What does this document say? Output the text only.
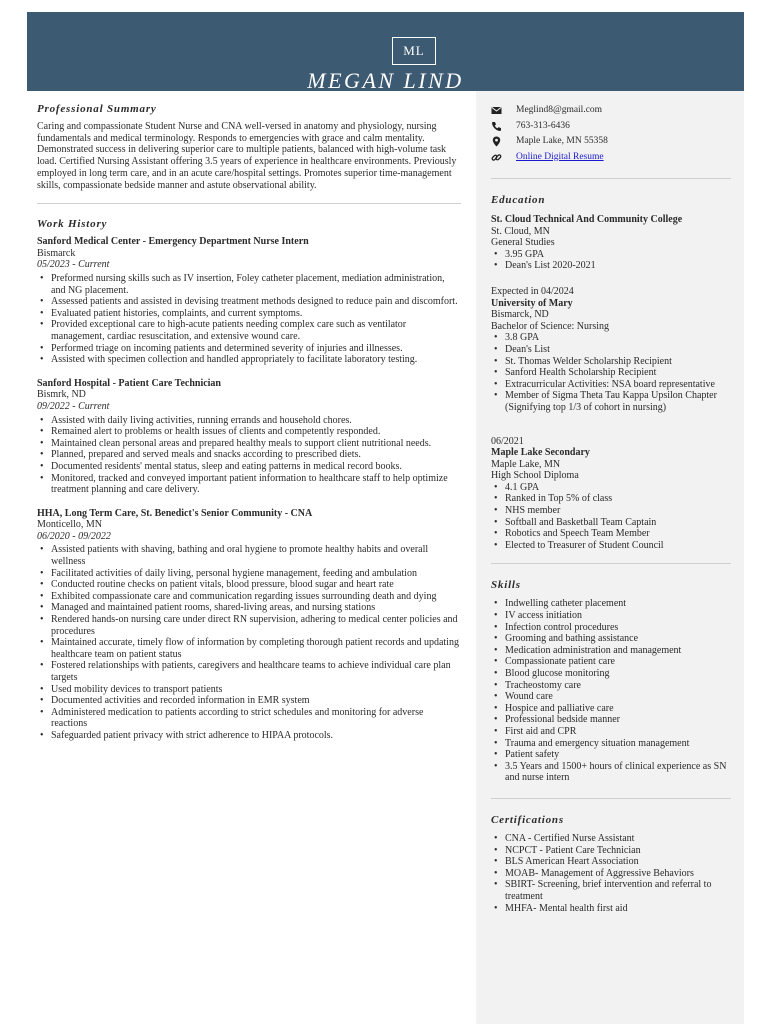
ML
MEGAN LIND
Professional Summary

Caring and compassionate Student Nurse and CNA well-versed in anatomy and physiology, nursing fundamentals and medical terminology. Responds to emergencies with grace and calm mentality. Demonstrated success in delivering superior care to multiple patients, balanced with high-volume task load. Certified Nursing Assistant offering 3.5 years of experience in healthcare environments. Previously employed in long term care, and in an acute care/hospital settings. Promotes superior time-management skills, compassionate bedside manner and astute observational ability.

Work History
Sanford Medical Center - Emergency Department Nurse Intern
Bismarck
05/2023 - Current
• Preformed nursing skills such as IV insertion, Foley catheter placement, mediation administration, and NG placement.
• Assessed patients and assisted in devising treatment methods designed to reduce pain and discomfort.
• Evaluated patient histories, complaints, and current symptoms.
• Provided exceptional care to high-acute patients needing complex care such as ventilator management, cardiac resuscitation, and extensive wound care.
• Performed triage on incoming patients and determined severity of injuries and illnesses.
• Assisted with specimen collection and handled appropriately to facilitate laboratory testing.
Sanford Hospital - Patient Care Technician
Bismrk, ND
09/2022 - Current
• Assisted with daily living activities, running errands and household chores.
• Remained alert to problems or health issues of clients and competently responded.
• Maintained clean personal areas and prepared healthy meals to support client nutritional needs.
• Planned, prepared and served meals and snacks according to prescribed diets.
• Documented residents' mental status, sleep and eating patterns in medical record books.
• Monitored, tracked and conveyed important patient information to healthcare staff to help optimize treatment planning and care delivery.
HHA, Long Term Care, St. Benedict's Senior Community - CNA
Monticello, MN
06/2020 - 09/2022
• Assisted patients with shaving, bathing and oral hygiene to promote healthy habits and overall wellness
• Facilitated activities of daily living, personal hygiene management, feeding and ambulation
• Conducted routine checks on patient vitals, blood pressure, blood sugar and heart rate
• Exhibited compassionate care and communication regarding issues surrounding death and dying
• Managed and maintained patient rooms, shared-living areas, and nursing stations
• Rendered hands-on nursing care under direct RN supervision, adhering to medical center policies and procedures
• Maintained accurate, timely flow of information by completing thorough patient records and updating healthcare team on patient status
• Fostered relationships with patients, caregivers and healthcare teams to achieve individual care plan targets
• Used mobility devices to transport patients
• Documented activities and recorded information in EMR system
• Administered medication to patients according to strict schedules and monitoring for adverse reactions
• Safeguarded patient privacy with strict adherence to HIPAA protocols.
Meglind8@gmail.com
763-313-6436
Maple Lake, MN 55358
Online Digital Resume
Education
St. Cloud Technical And Community College
St. Cloud, MN
General Studies
• 3.95 GPA
• Dean's List 2020-2021
Expected in 04/2024
University of Mary
Bismarck, ND
Bachelor of Science: Nursing
• 3.8 GPA
• Dean's List
• St. Thomas Welder Scholarship Recipient
• Sanford Health Scholarship Recipient
• Extracurricular Activities: NSA board representative
• Member of Sigma Theta Tau Kappa Upsilon Chapter (Signifying top 1/3 of cohort in nursing)
06/2021
Maple Lake Secondary
Maple Lake, MN
High School Diploma
• 4.1 GPA
• Ranked in Top 5% of class
• NHS member
• Softball and Basketball Team Captain
• Robotics and Speech Team Member
• Elected to Treasurer of Student Council
Skills
• Indwelling catheter placement
• IV access initiation
• Infection control procedures
• Grooming and bathing assistance
• Medication administration and management
• Compassionate patient care
• Blood glucose monitoring
• Tracheostomy care
• Wound care
• Hospice and palliative care
• Professional bedside manner
• First aid and CPR
• Trauma and emergency situation management
• Patient safety
• 3.5 Years and 1500+ hours of clinical experience as SN and nurse intern
Certifications
• CNA - Certified Nurse Assistant
• NCPCT - Patient Care Technician
• BLS American Heart Association
• MOAB- Management of Aggressive Behaviors
• SBIRT- Screening, brief intervention and referral to treatment
• MHFA- Mental health first aid
